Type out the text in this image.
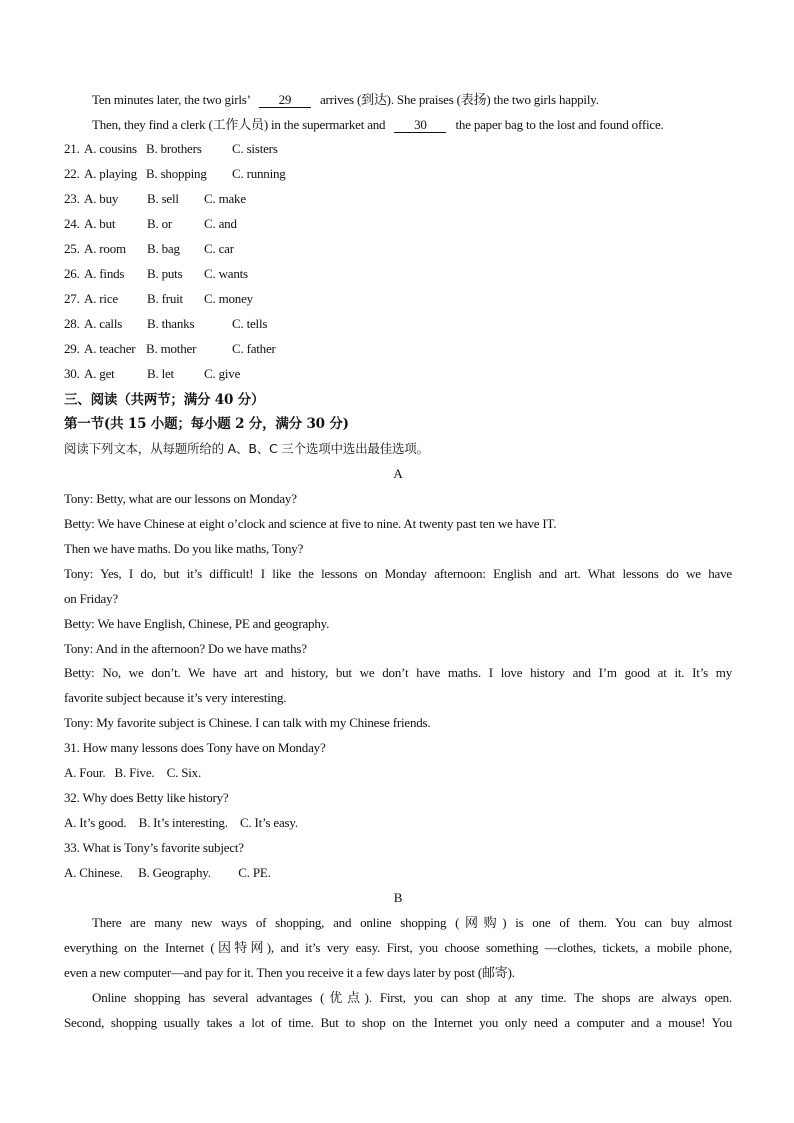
Ten minutes later, the two girls’ 29 arrives (到达). She praises (表扬) the two girls happily.
Then, they find a clerk (工作人员) in the supermarket and 30 the paper bag to the lost and found office.
21. A. cousins B. brothers C. sisters
22. A. playing B. shopping C. running
23. A. buy B. sell C. make
24. A. but B. or C. and
25. A. room B. bag C. car
26. A. finds B. puts C. wants
27. A. rice B. fruit C. money
28. A. calls B. thanks	C. tells
29. A. teacher B. mother	C. father
30. A. get B. let C. give
三、阅读（共两节；满分 40 分）
第一节(共 15 小题；每小题 2 分，满分 30 分)
阅读下列文本，从每题所给的 A、B、C 三个选项中选出最佳选项。
A
Tony: Betty, what are our lessons on Monday?
Betty: We have Chinese at eight o’clock and science at five to nine. At twenty past ten we have IT.
Then we have maths. Do you like maths, Tony?
Tony: Yes, I do, but it’s difficult! I like the lessons on Monday afternoon: English and art. What lessons do we have
on Friday?
Betty: We have English, Chinese, PE and geography.
Tony: And in the afternoon? Do we have maths?
Betty: No, we don’t. We have art and history, but we don’t have maths. I love history and I’m good at it. It’s my
favorite subject because it’s very interesting.
Tony: My favorite subject is Chinese. I can talk with my Chinese friends.
31. How many lessons does Tony have on Monday?
A. Four.   B. Five.    C. Six.
32. Why does Betty like history?
A. It’s good.    B. It’s interesting.    C. It’s easy.
33. What is Tony’s favorite subject?
A. Chinese.     B. Geography.         C. PE.
B
There are many new ways of shopping, and online shopping (网购) is one of them. You can buy almost
everything on the Internet (因特网), and it’s very easy. First, you choose something —clothes, tickets, a mobile phone,
even a new computer—and pay for it. Then you receive it a few days later by post (邮寄).
Online shopping has several advantages (优点). First, you can shop at any time. The shops are always open.
Second, shopping usually takes a lot of time. But to shop on the Internet you only need a computer and a mouse! You
